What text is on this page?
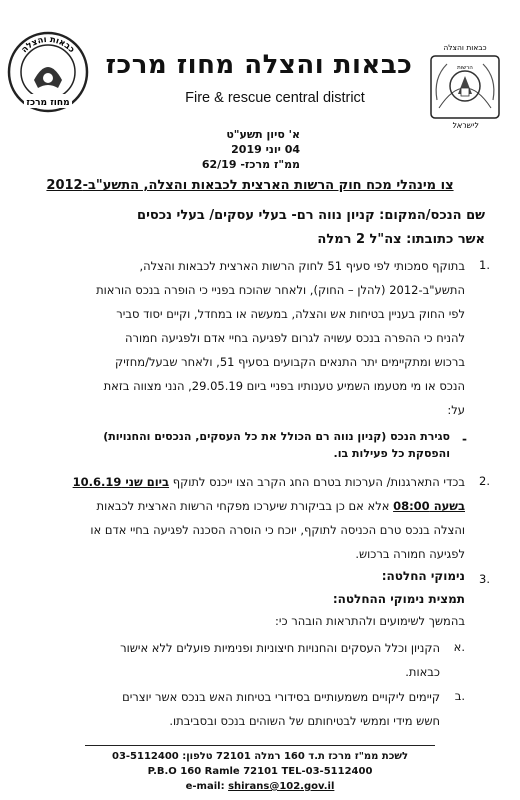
כבאות והצלה
מחוז מרכז
כבאות והצלה
הרשות
לישראל
כבאות והצלה מחוז מרכז
Fire & rescue central district
א' סיון תשע"ט
04 יוני 2019
ממ"ז מרכז- 62/19
צו מינהלי מכח חוק הרשות הארצית לכבאות והצלה, התשע"ב-2012
שם הנכס/המקום: קניון נווה רם- בעלי עסקים/ בעלי נכסים
אשר כתובתו: צה"ל 2 רמלה
1.
בתוקף סמכותי לפי סעיף 51 לחוק הרשות הארצית לכבאות והצלה,
התשע"ב-2012 (להלן – החוק), ולאחר שהוכח בפניי כי הופרה בנכס הוראות
לפי החוק בעניין בטיחות אש והצלה, במעשה או במחדל, וקיים יסוד סביר
להניח כי ההפרה בנכס עשויה לגרום לפגיעה בחיי אדם ולפגיעה חמורה
ברכוש ומתקיימים יתר התנאים הקבועים בסעיף 51, ולאחר שבעל/מחזיק
הנכס או מי מטעמו השמיע טענותיו בפניי ביום 29.05.19, הנני מצווה בזאת
על:
-
סגירת הנכס (קניון נווה רם הכולל את כל העסקים, הנכסים והחנויות)
והפסקת כל פעילות בו.
2.
בכדי התארגנות/ הערכות בטרם החג הקרב הצו ייכנס לתוקף ביום שני 10.6.19
בשעה 08:00 אלא אם כן בביקורת שיערכו מפקחי הרשות הארצית לכבאות
והצלה בנכס טרם הכניסה לתוקף, יוכח כי הוסרה הסכנה לפגיעה בחיי אדם או
לפגיעה חמורה ברכוש.
3.
נימוקי החלטה:
תמצית נימוקי ההחלטה:
בהמשך לשימועים ולהתראות הובהר כי:
א.
הקניון וכלל העסקים והחנויות חיצוניות ופנימיות פועלים ללא אישור
כבאות.
ב.
קיימים ליקויים משמעותיים בסידורי בטיחות האש בנכס אשר יוצרים
חשש מידי וממשי לבטיחותם של השוהים בנכס ובסביבתו.
לשכת ממ"ז מרכז ת.ד 160 רמלה 72101 טלפון: 03-5112400
P.B.O 160 Ramle 72101 TEL-03-5112400
e-mail: shirans@102.gov.il
